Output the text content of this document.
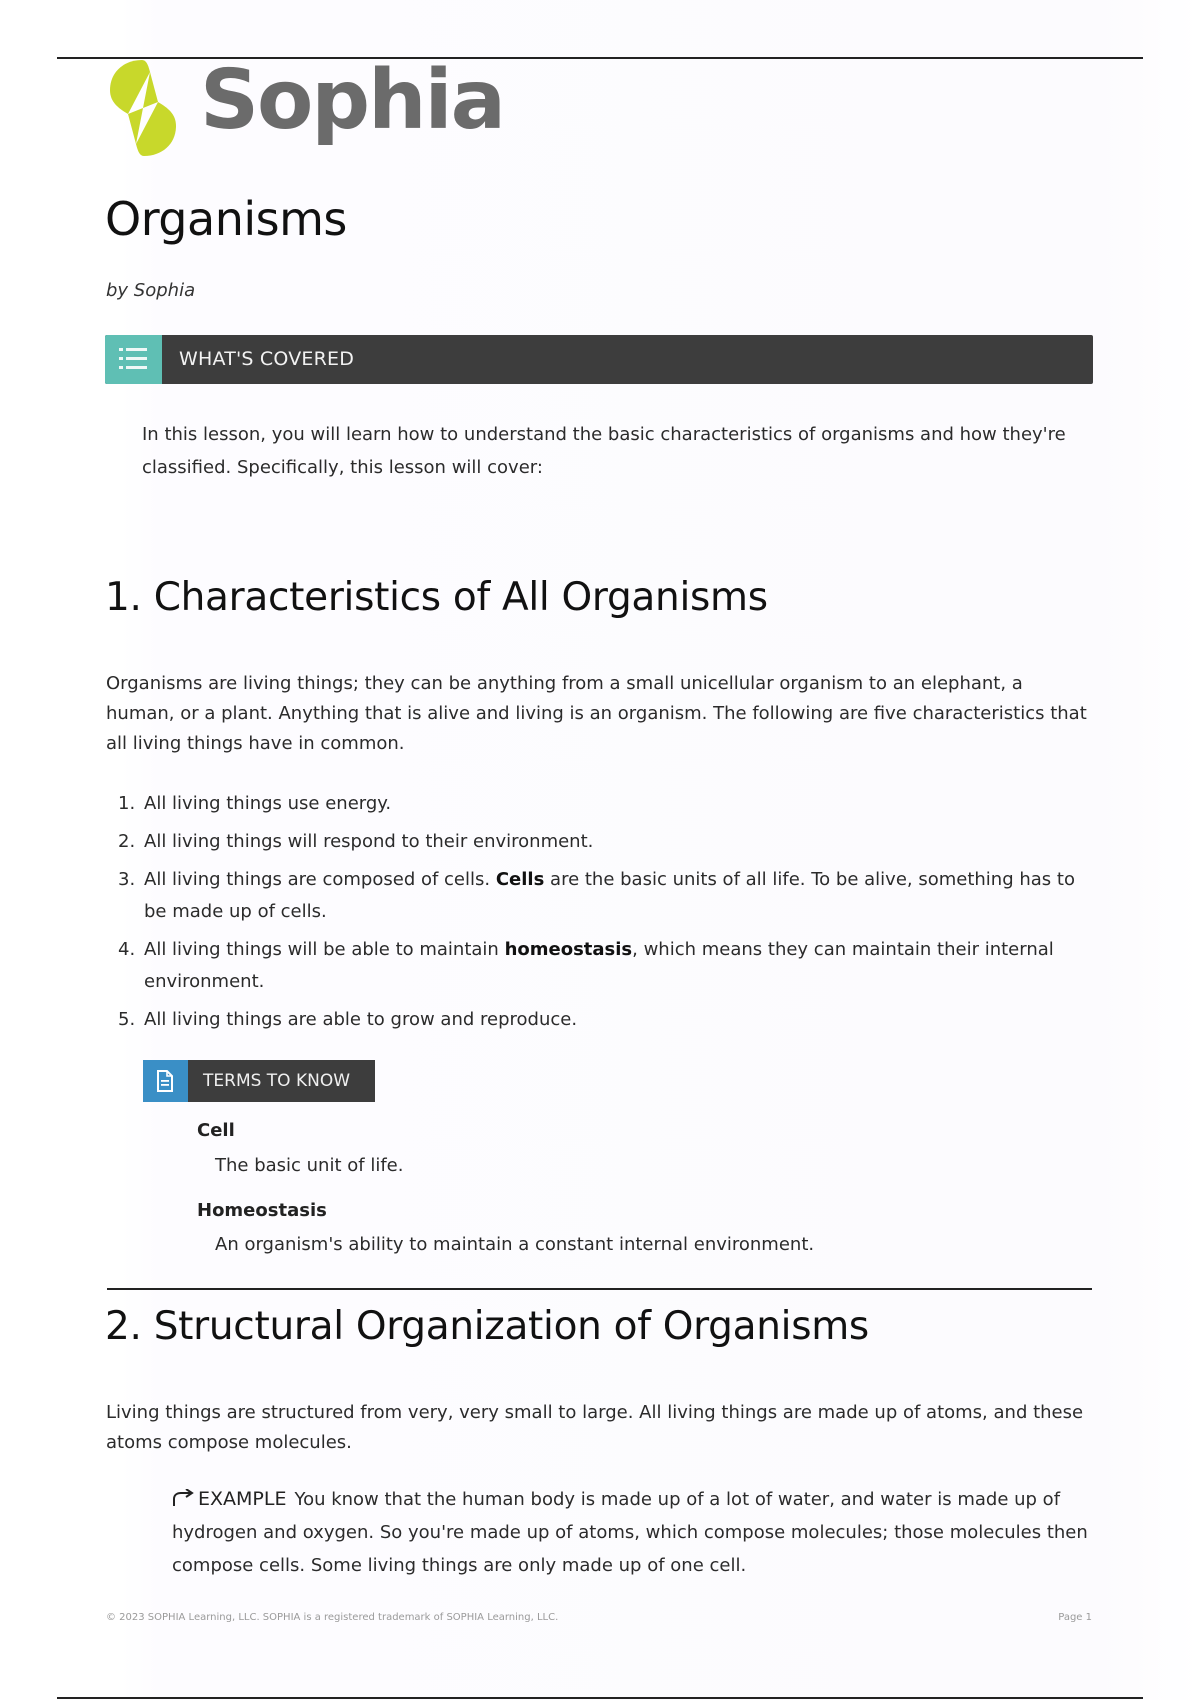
Sophia
Organisms
by Sophia
WHAT'S COVERED
In this lesson, you will learn how to understand the basic characteristics of organisms and how they're classified. Specifically, this lesson will cover:
1. Characteristics of All Organisms
Organisms are living things; they can be anything from a small unicellular organism to an elephant, a human, or a plant. Anything that is alive and living is an organism. The following are five characteristics that all living things have in common.
1. All living things use energy.
2. All living things will respond to their environment.
3. All living things are composed of cells. Cells are the basic units of all life. To be alive, something has to be made up of cells.
4. All living things will be able to maintain homeostasis, which means they can maintain their internal environment.
5. All living things are able to grow and reproduce.
TERMS TO KNOW
Cell
The basic unit of life.
Homeostasis
An organism's ability to maintain a constant internal environment.
2. Structural Organization of Organisms
Living things are structured from very, very small to large. All living things are made up of atoms, and these atoms compose molecules.
EXAMPLE You know that the human body is made up of a lot of water, and water is made up of hydrogen and oxygen. So you're made up of atoms, which compose molecules; those molecules then compose cells. Some living things are only made up of one cell.
© 2023 SOPHIA Learning, LLC. SOPHIA is a registered trademark of SOPHIA Learning, LLC.	Page 1
